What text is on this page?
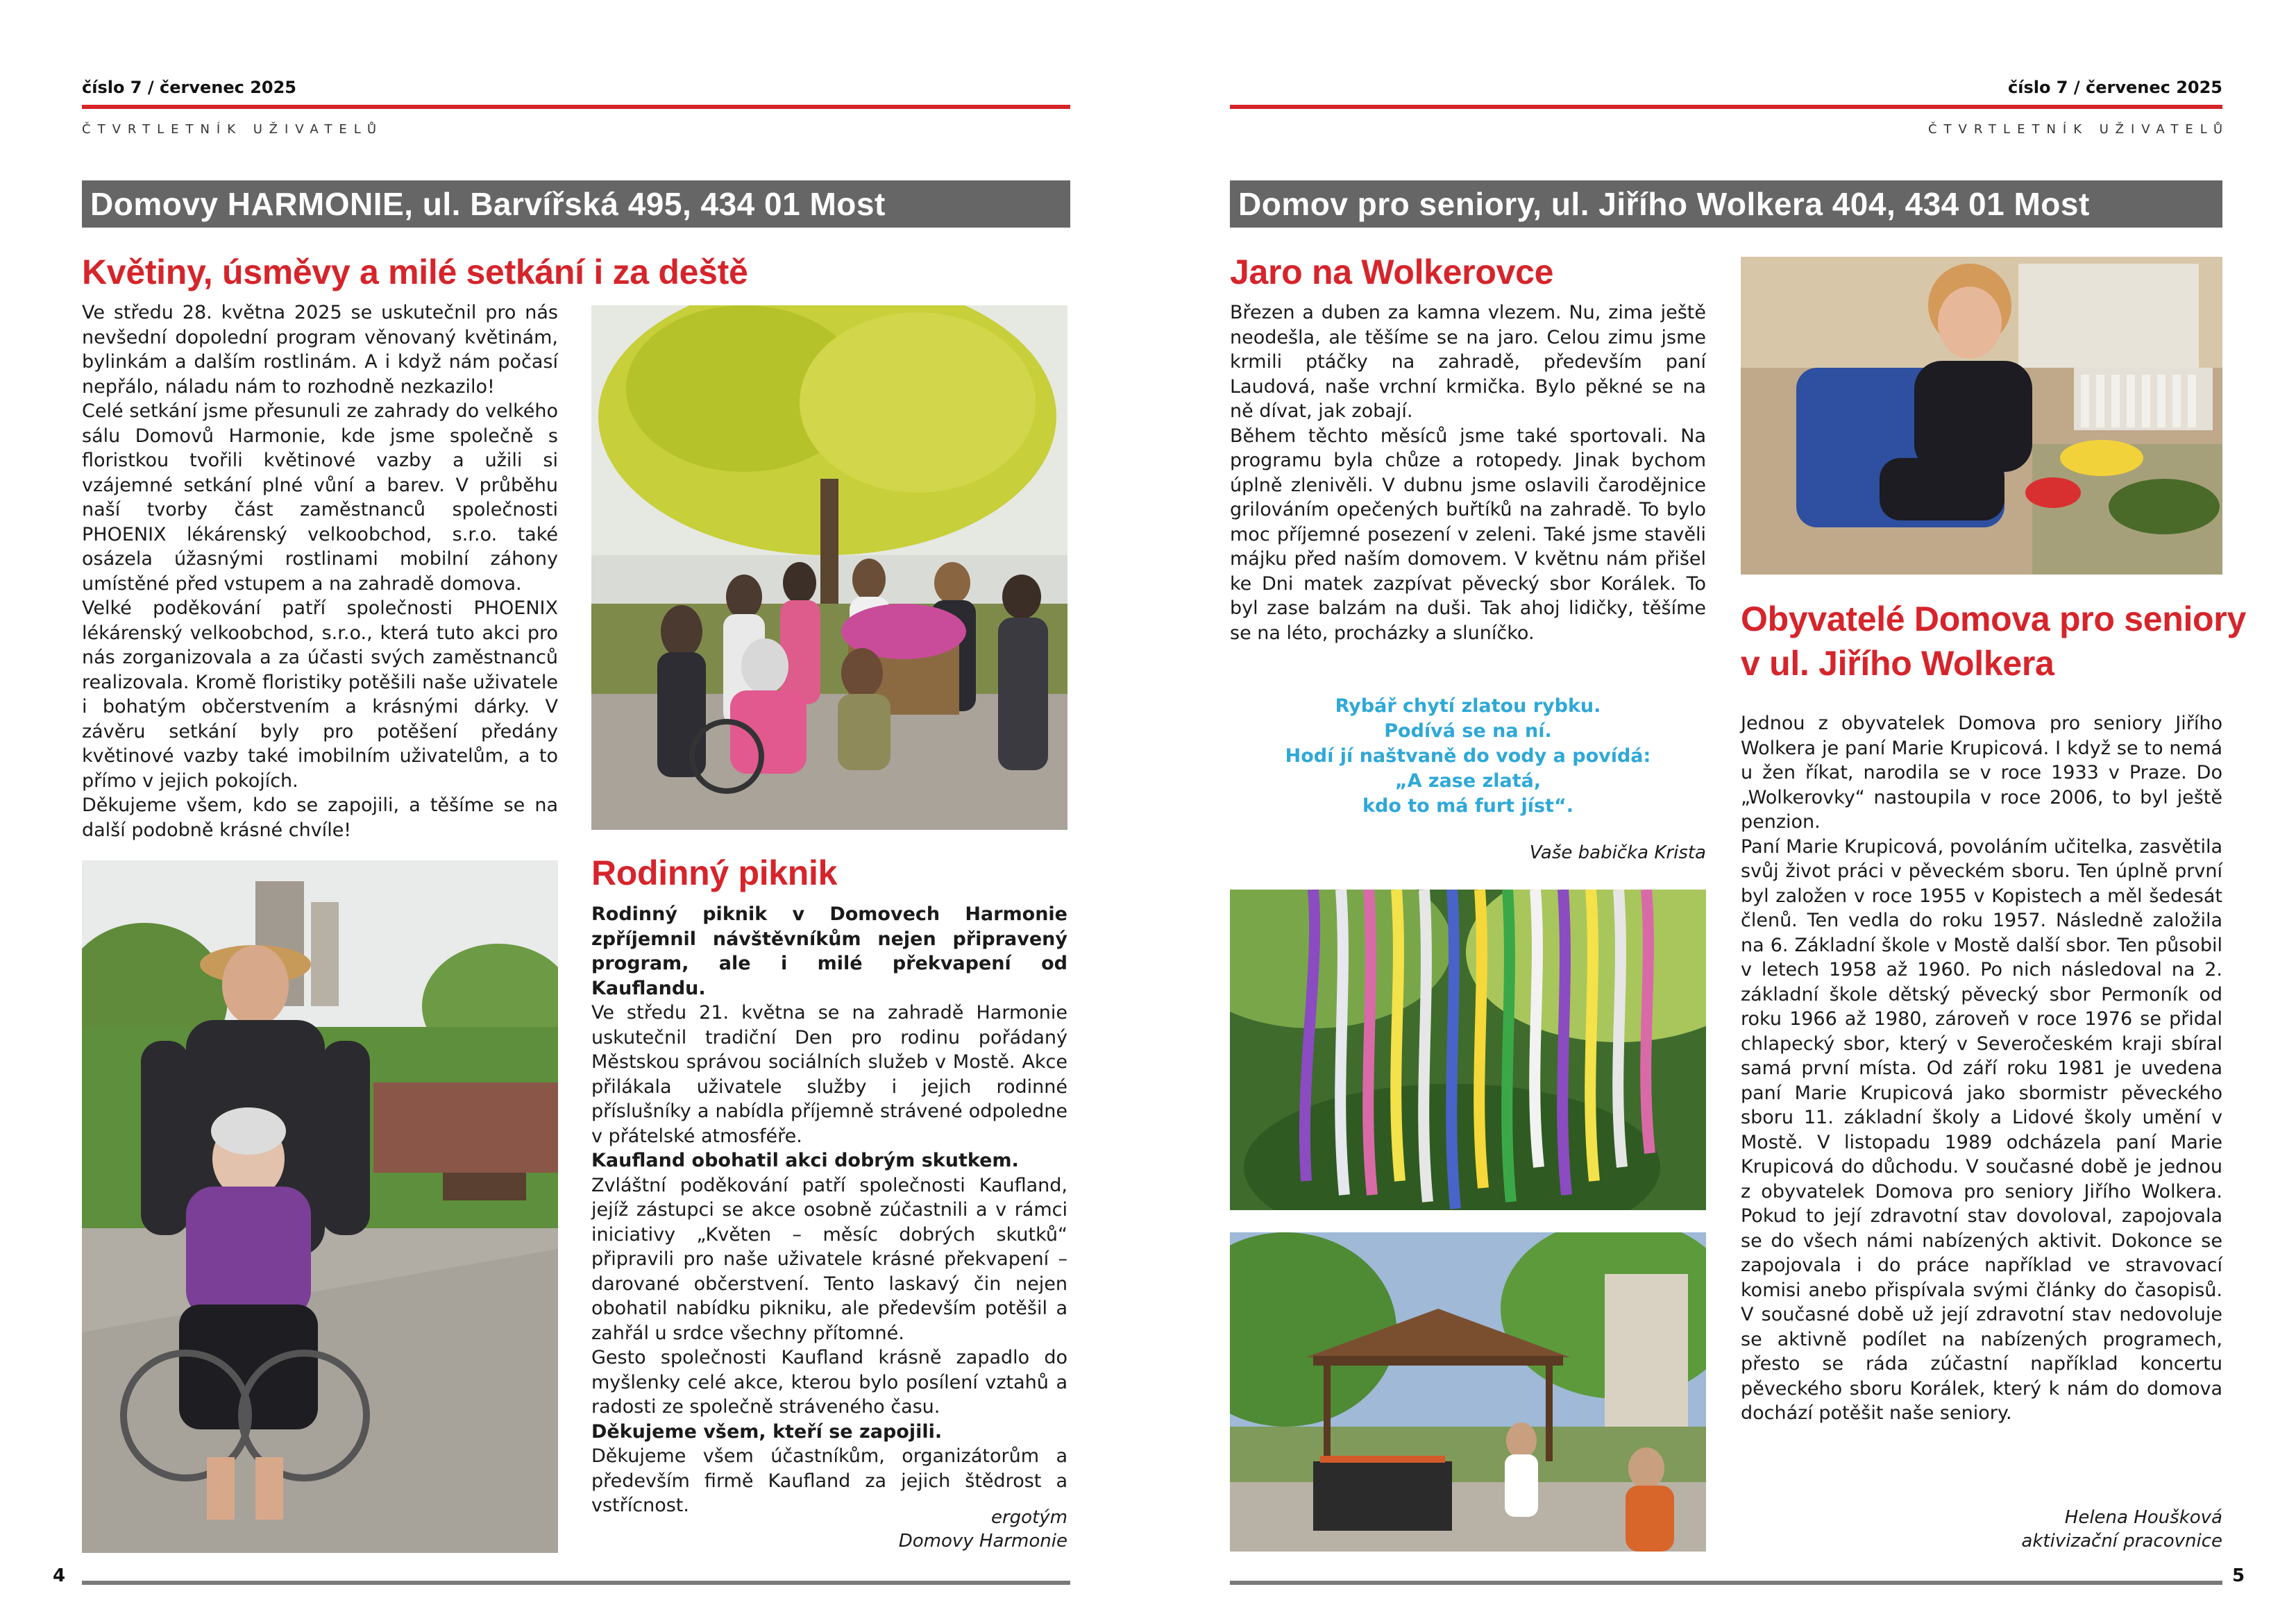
číslo 7 / červenec 2025
ČTVRTLETNÍK UŽIVATELŮ
číslo 7 / červenec 2025
ČTVRTLETNÍK UŽIVATELŮ
Domovy HARMONIE, ul. Barvířská 495, 434 01 Most
Květiny, úsměvy a milé setkání i za deště

Ve středu 28. května 2025 se uskutečnil pro nás nevšední dopolední program věnovaný květinám, bylinkám a dalším rostlinám. A i když nám počasí nepřálo, náladu nám to rozhodně nezkazilo!

Celé setkání jsme přesunuli ze zahrady do velkého sálu Domovů Harmonie, kde jsme společně s floristkou tvořili květinové vazby a užili si vzájemné setkání plné vůní a barev. V průběhu naší tvorby část zaměstnanců společnosti PHOENIX lékárenský velkoobchod, s.r.o. také osázela úžasnými rostlinami mobilní záhony umístěné před vstupem a na zahradě domova.

Velké poděkování patří společnosti PHOENIX lékárenský velkoobchod, s.r.o., která tuto akci pro nás zorganizovala a za účasti svých zaměstnanců realizovala. Kromě floristiky potěšili naše uživatele i bohatým občerstvením a krásnými dárky. V závěru setkání byly pro potěšení předány květinové vazby také imobilním uživatelům, a to přímo v jejich pokojích.

Děkujeme všem, kdo se zapojili, a těšíme se na další podobně krásné chvíle!

Rodinný piknik

Rodinný piknik v Domovech Harmonie zpříjemnil návštěvníkům nejen připravený program, ale i milé překvapení od Kauflandu.

Ve středu 21. května se na zahradě Harmonie uskutečnil tradiční Den pro rodinu pořádaný Městskou správou sociálních služeb v Mostě. Akce přilákala uživatele služby i jejich rodinné příslušníky a nabídla příjemně strávené odpoledne v přátelské atmosféře.

Kaufland obohatil akci dobrým skutkem.

Zvláštní poděkování patří společnosti Kaufland, jejíž zástupci se akce osobně zúčastnili a v rámci iniciativy „Květen – měsíc dobrých skutků“ připravili pro naše uživatele krásné překvapení – darované občerstvení. Tento laskavý čin nejen obohatil nabídku pikniku, ale především potěšil a zahřál u srdce všechny přítomné.

Gesto společnosti Kaufland krásně zapadlo do myšlenky celé akce, kterou bylo posílení vztahů a radosti ze společně stráveného času.

Děkujeme všem, kteří se zapojili.

Děkujeme všem účastníkům, organizátorům a především firmě Kaufland za jejich štědrost a vstřícnost.

ergotým
Domovy Harmonie
4
Domov pro seniory, ul. Jiřího Wolkera 404, 434 01 Most
Jaro na Wolkerovce

Březen a duben za kamna vlezem. Nu, zima ještě neodešla, ale těšíme se na jaro. Celou zimu jsme krmili ptáčky na zahradě, především paní Laudová, naše vrchní krmička. Bylo pěkné se na ně dívat, jak zobají.

Během těchto měsíců jsme také sportovali. Na programu byla chůze a rotopedy. Jinak bychom úplně zlenivěli. V dubnu jsme oslavili čarodějnice grilováním opečených buřtíků na zahradě. To bylo moc příjemné posezení v zeleni. Také jsme stavěli májku před naším domovem. V květnu nám přišel ke Dni matek zazpívat pěvecký sbor Korálek. To byl zase balzám na duši. Tak ahoj lidičky, těšíme se na léto, procházky a sluníčko.

Rybář chytí zlatou rybku.
Podívá se na ní.
Hodí jí naštvaně do vody a povídá:
„A zase zlatá,
kdo to má furt jíst“.
Vaše babička Krista
Obyvatelé Domova pro seniory
v ul. Jiřího Wolkera

Jednou z obyvatelek Domova pro seniory Jiřího Wolkera je paní Marie Krupicová. I když se to nemá u žen říkat, narodila se v roce 1933 v Praze. Do „Wolkerovky“ nastoupila v roce 2006, to byl ještě penzion.

Paní Marie Krupicová, povoláním učitelka, zasvětila svůj život práci v pěveckém sboru. Ten úplně první byl založen v roce 1955 v Kopistech a měl šedesát členů. Ten vedla do roku 1957. Následně založila na 6. Základní škole v Mostě další sbor. Ten působil v letech 1958 až 1960. Po nich následoval na 2. základní škole dětský pěvecký sbor Permoník od roku 1966 až 1980, zároveň v roce 1976 se přidal chlapecký sbor, který v Severočeském kraji sbíral samá první místa. Od září roku 1981 je uvedena paní Marie Krupicová jako sbormistr pěveckého sboru 11. základní školy a Lidové školy umění v Mostě. V listopadu 1989 odcházela paní Marie Krupicová do důchodu. V současné době je jednou z obyvatelek Domova pro seniory Jiřího Wolkera. Pokud to její zdravotní stav dovoloval, zapojovala se do všech námi nabízených aktivit. Dokonce se zapojovala i do práce například ve stravovací komisi anebo přispívala svými články do časopisů. V současné době už její zdravotní stav nedovoluje se aktivně podílet na nabízených programech, přesto se ráda zúčastní například koncertu pěveckého sboru Korálek, který k nám do domova dochází potěšit naše seniory.

Helena Houšková
aktivizační pracovnice
5
